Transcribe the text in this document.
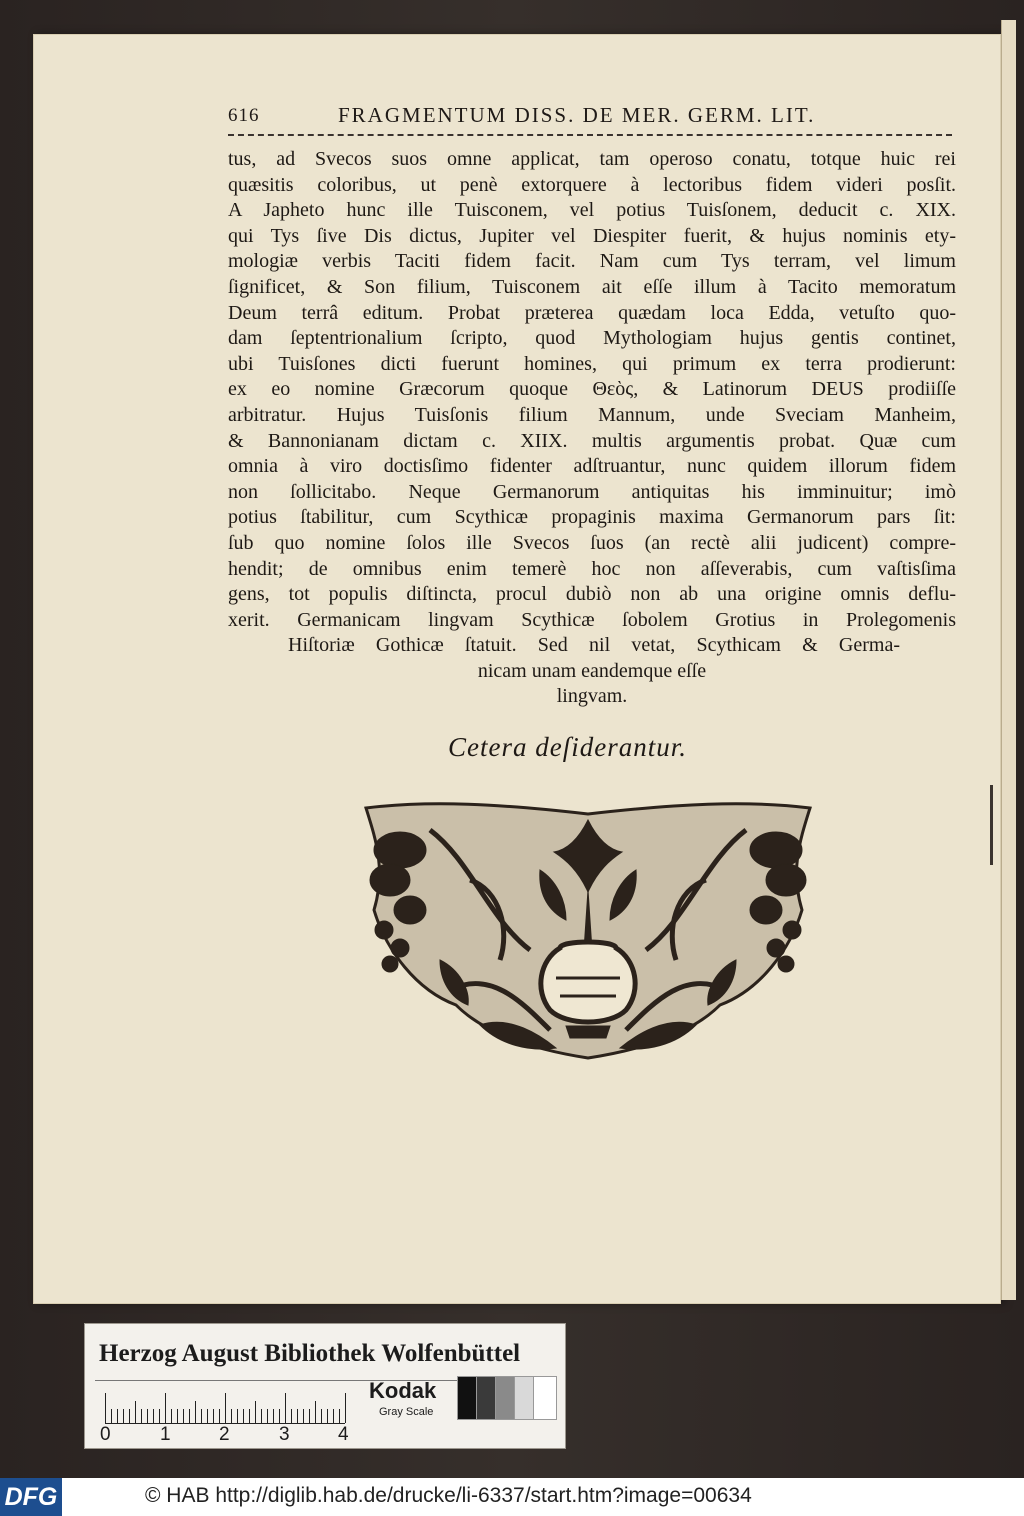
616	FRAGMENTUM DISS. DE MER. GERM. LIT.
tus, ad Svecos suos omne applicat, tam operoso conatu, totque huic rei
quæsitis coloribus, ut penè extorquere à lectoribus fidem videri posſit.
A Japheto hunc ille Tuisconem, vel potius Tuisſonem, deducit c. XIX.
qui Tys ſive Dis dictus, Jupiter vel Diespiter fuerit, & hujus nominis ety-
mologiæ verbis Taciti fidem facit. Nam cum Tys terram, vel limum
ſignificet, & Son filium, Tuisconem ait eſſe illum à Tacito memoratum
Deum terrâ editum. Probat præterea quædam loca Edda, vetuſto quo-
dam ſeptentrionalium ſcripto, quod Mythologiam hujus gentis continet,
ubi Tuisſones dicti fuerunt homines, qui primum ex terra prodierunt:
ex eo nomine Græcorum quoque Θεὸς, & Latinorum DEUS prodiiſſe
arbitratur. Hujus Tuisſonis filium Mannum, unde Sveciam Manheim,
& Bannonianam dictam c. XIIX. multis argumentis probat. Quæ cum
omnia à viro doctisſimo fidenter adſtruantur, nunc quidem illorum fidem
non ſollicitabo. Neque Germanorum antiquitas his imminuitur; imò
potius ſtabilitur, cum Scythicæ propaginis maxima Germanorum pars ſit:
ſub quo nomine ſolos ille Svecos ſuos (an rectè alii judicent) compre-
hendit; de omnibus enim temerè hoc non aſſeverabis, cum vaſtisſima
gens, tot populis diſtincta, procul dubiò non ab una origine omnis deflu-
xerit. Germanicam lingvam Scythicæ ſobolem Grotius in Prolegomenis
Hiſtoriæ Gothicæ ſtatuit. Sed nil vetat, Scythicam & Germa-
nicam unam eandemque eſſe
lingvam.
Cetera deſiderantur.
Herzog August Bibliothek Wolfenbüttel
0	1	2	3	4
Kodak
Gray Scale
DFG	© HAB http://diglib.hab.de/drucke/li-6337/start.htm?image=00634
